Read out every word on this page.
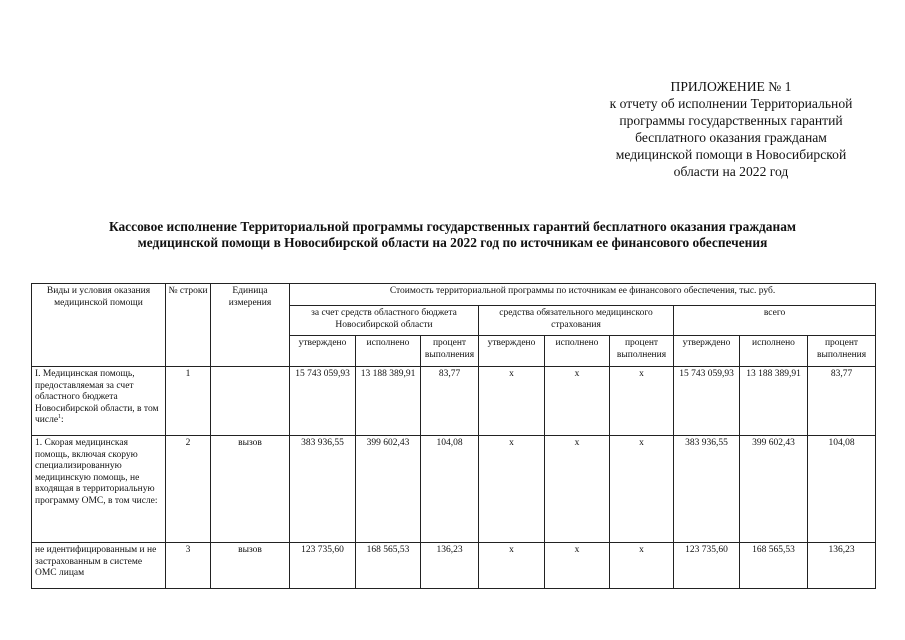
ПРИЛОЖЕНИЕ № 1
к отчету об исполнении Территориальной
программы государственных гарантий
бесплатного оказания гражданам
медицинской помощи в Новосибирской
области на 2022 год
Кассовое исполнение Территориальной программы государственных гарантий бесплатного оказания гражданам
медицинской помощи в Новосибирской области на 2022 год по источникам ее финансового обеспечения
Виды и условия оказания медицинской помощи	№ строки	Единица измерения	Стоимость территориальной программы по источникам ее финансового обеспечения, тыс. руб.								
			за счет средств областного бюджета Новосибирской области			средства обязательного медицинского страхования			всего		
			утверждено	исполнено	процент выполнения	утверждено	исполнено	процент выполнения	утверждено	исполнено	процент выполнения
I. Медицинская помощь, предоставляемая за счет областного бюджета Новосибирской области, в том числе$^1$:	1		15 743 059,93	13 188 389,91	83,77	х	х	х	15 743 059,93	13 188 389,91	83,77
1. Скорая медицинская помощь, включая скорую специализированную медицинскую помощь, не входящая в территориальную программу ОМС, в том числе:	2	вызов	383 936,55	399 602,43	104,08	х	х	х	383 936,55	399 602,43	104,08
не идентифицированным и не застрахованным в системе ОМС лицам	3	вызов	123 735,60	168 565,53	136,23	х	х	х	123 735,60	168 565,53	136,23
